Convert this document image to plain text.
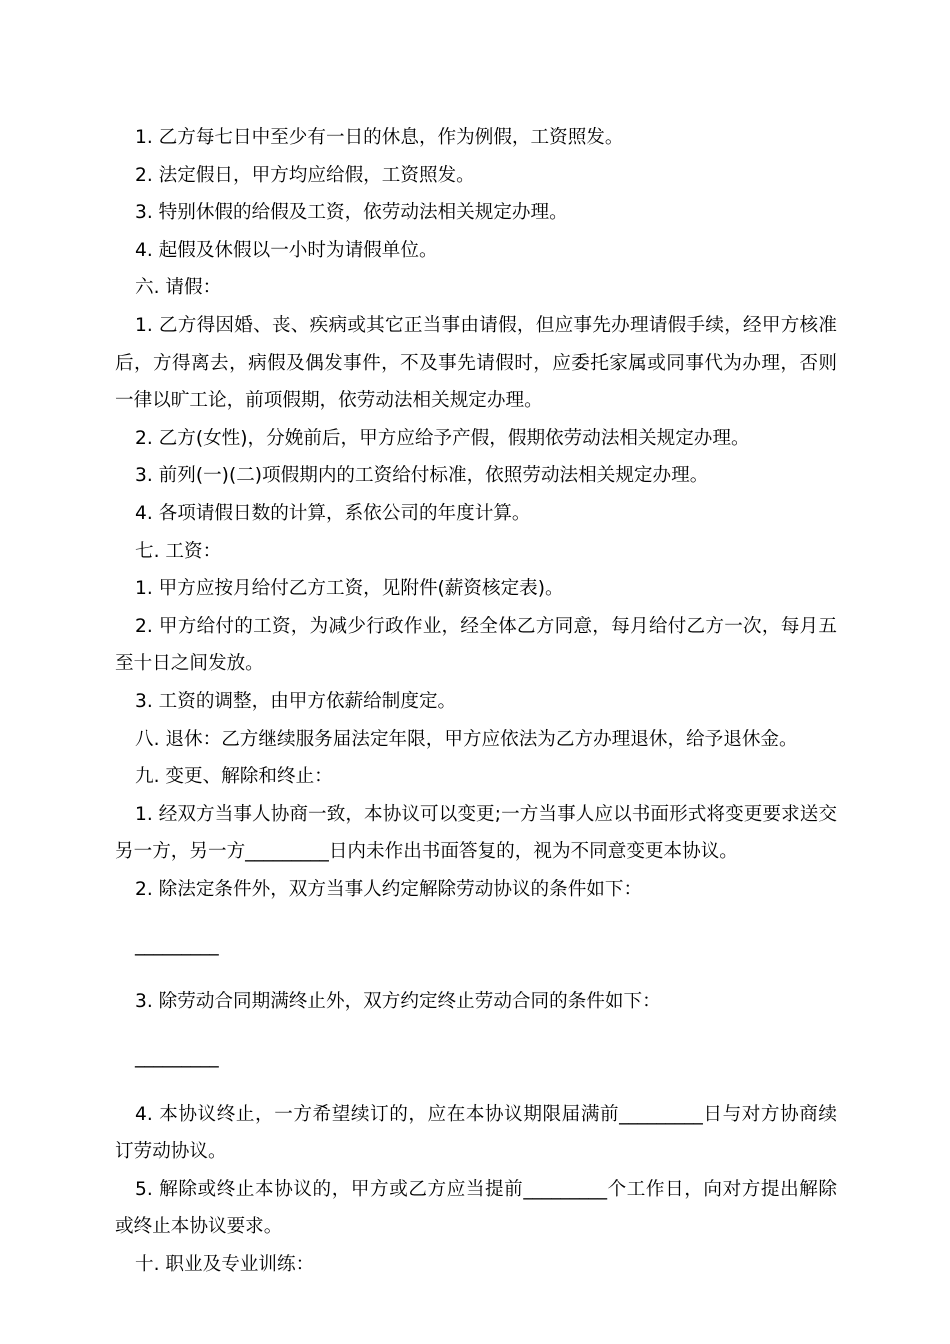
1. 乙方每七日中至少有一日的休息，作为例假，工资照发。

2. 法定假日，甲方均应给假，工资照发。

3. 特别休假的给假及工资，依劳动法相关规定办理。

4. 起假及休假以一小时为请假单位。

六. 请假：

1. 乙方得因婚、丧、疾病或其它正当事由请假，但应事先办理请假手续，经甲方核准后，方得离去，病假及偶发事件，不及事先请假时，应委托家属或同事代为办理，否则一律以旷工论，前项假期，依劳动法相关规定办理。

2. 乙方(女性)，分娩前后，甲方应给予产假，假期依劳动法相关规定办理。

3. 前列(一)(二)项假期内的工资给付标准，依照劳动法相关规定办理。

4. 各项请假日数的计算，系依公司的年度计算。

七. 工资：

1. 甲方应按月给付乙方工资，见附件(薪资核定表)。

2. 甲方给付的工资，为减少行政作业，经全体乙方同意，每月给付乙方一次，每月五至十日之间发放。

3. 工资的调整，由甲方依薪给制度定。

八. 退休：乙方继续服务届法定年限，甲方应依法为乙方办理退休，给予退休金。

九. 变更、解除和终止：

1. 经双方当事人协商一致，本协议可以变更;一方当事人应以书面形式将变更要求送交另一方，另一方_________日内未作出书面答复的，视为不同意变更本协议。

2. 除法定条件外，双方当事人约定解除劳动协议的条件如下：

_________

3. 除劳动合同期满终止外，双方约定终止劳动合同的条件如下：

_________

4. 本协议终止，一方希望续订的，应在本协议期限届满前_________日与对方协商续订劳动协议。

5. 解除或终止本协议的，甲方或乙方应当提前_________个工作日，向对方提出解除或终止本协议要求。

十. 职业及专业训练：
